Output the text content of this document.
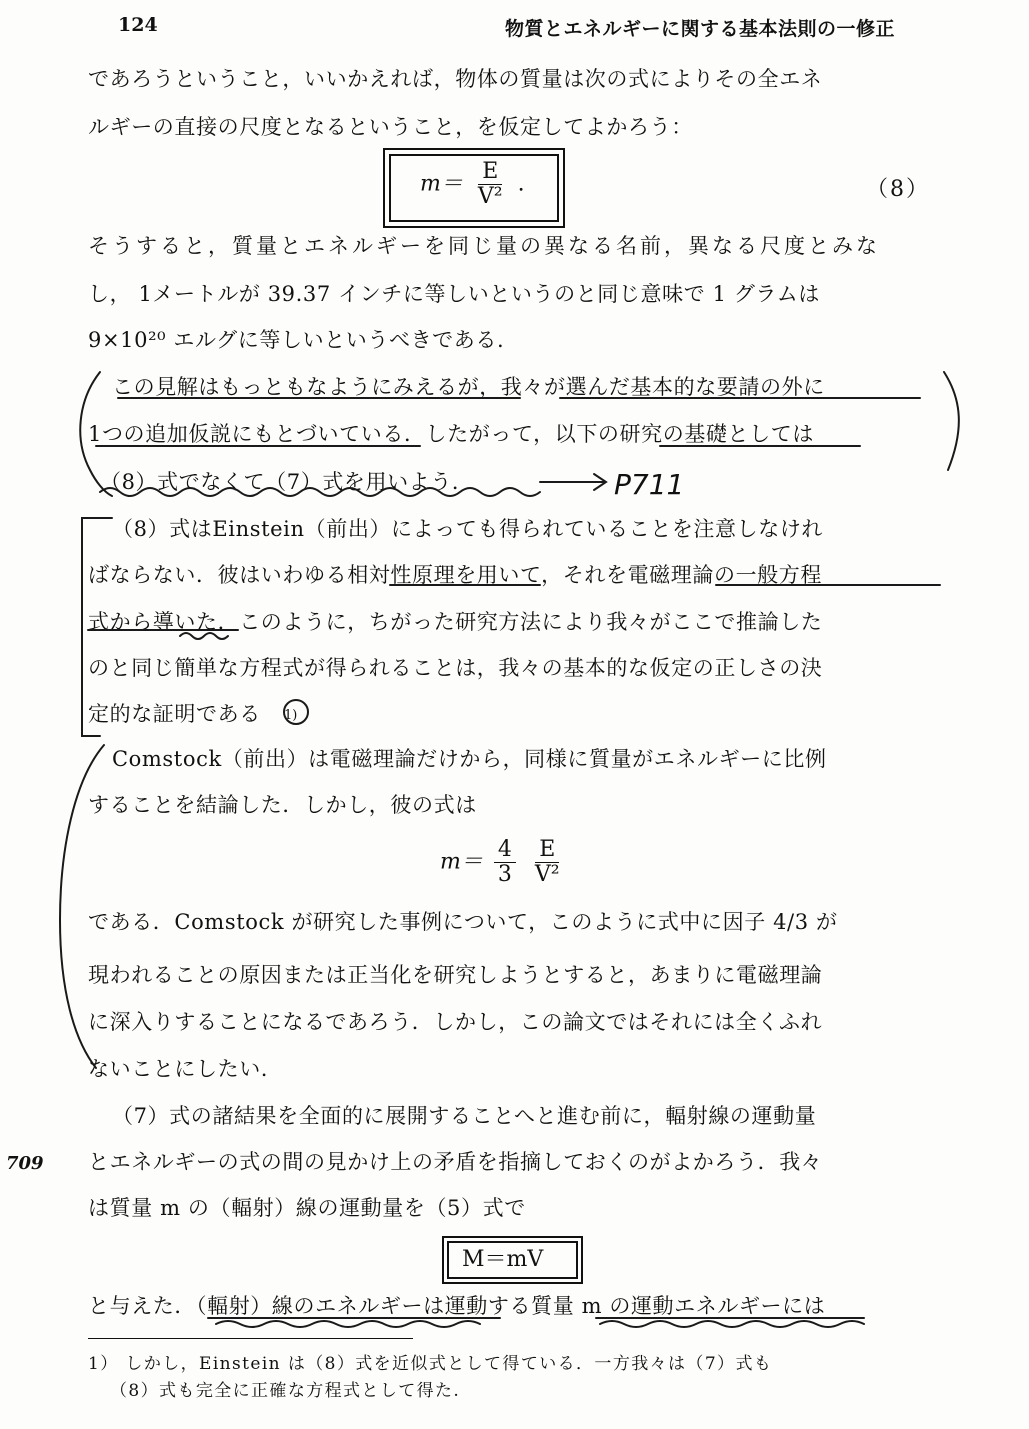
124	物質とエネルギーに関する基本法則の一修正
であろうということ，いいかえれば，物体の質量は次の式によりその全エネ
ルギーの直接の尺度となるということ，を仮定してよかろう：
$m= \frac{E}{\text{V²}}$ .	（8）
そうすると，質量とエネルギーを同じ量の異なる名前，異なる尺度とみな
し， 1メートルが 39.37 インチに等しいというのと同じ意味で 1 グラムは
9×10²⁰ エルグに等しいというべきである.
この見解はもっともなようにみえるが，我々が選んだ基本的な要請の外に
1つの追加仮説にもとづいている．したがって，以下の研究の基礎としては
（8）式でなくて（7）式を用いよう．	P711
（8）式はEinstein（前出）によっても得られていることを注意しなけれ
ばならない．彼はいわゆる相対性原理を用いて，それを電磁理論の一般方程
式から導いた．このように，ちがった研究方法により我々がここで推論した
のと同じ簡単な方程式が得られることは，我々の基本的な仮定の正しさの決
定的な証明である	1)
Comstock（前出）は電磁理論だけから，同様に質量がエネルギーに比例
することを結論した．しかし，彼の式は
$m= \frac{4}{3}$
$\frac{E}{\text{V²}}$
である．Comstock が研究した事例について，このように式中に因子 4/3 が
現われることの原因または正当化を研究しようとすると，あまりに電磁理論
に深入りすることになるであろう．しかし，この論文ではそれには全くふれ
ないことにしたい.
（7）式の諸結果を全面的に展開することへと進む前に，輻射線の運動量
709 とエネルギーの式の間の見かけ上の矛盾を指摘しておくのがよかろう．我々
は質量 m の（輻射）線の運動量を（5）式で
M＝mV
と与えた．（輻射）線のエネルギーは運動する質量 m の運動エネルギーには
1） しかし，Einstein は（8）式を近似式として得ている．一方我々は（7）式も
（8）式も完全に正確な方程式として得た.
